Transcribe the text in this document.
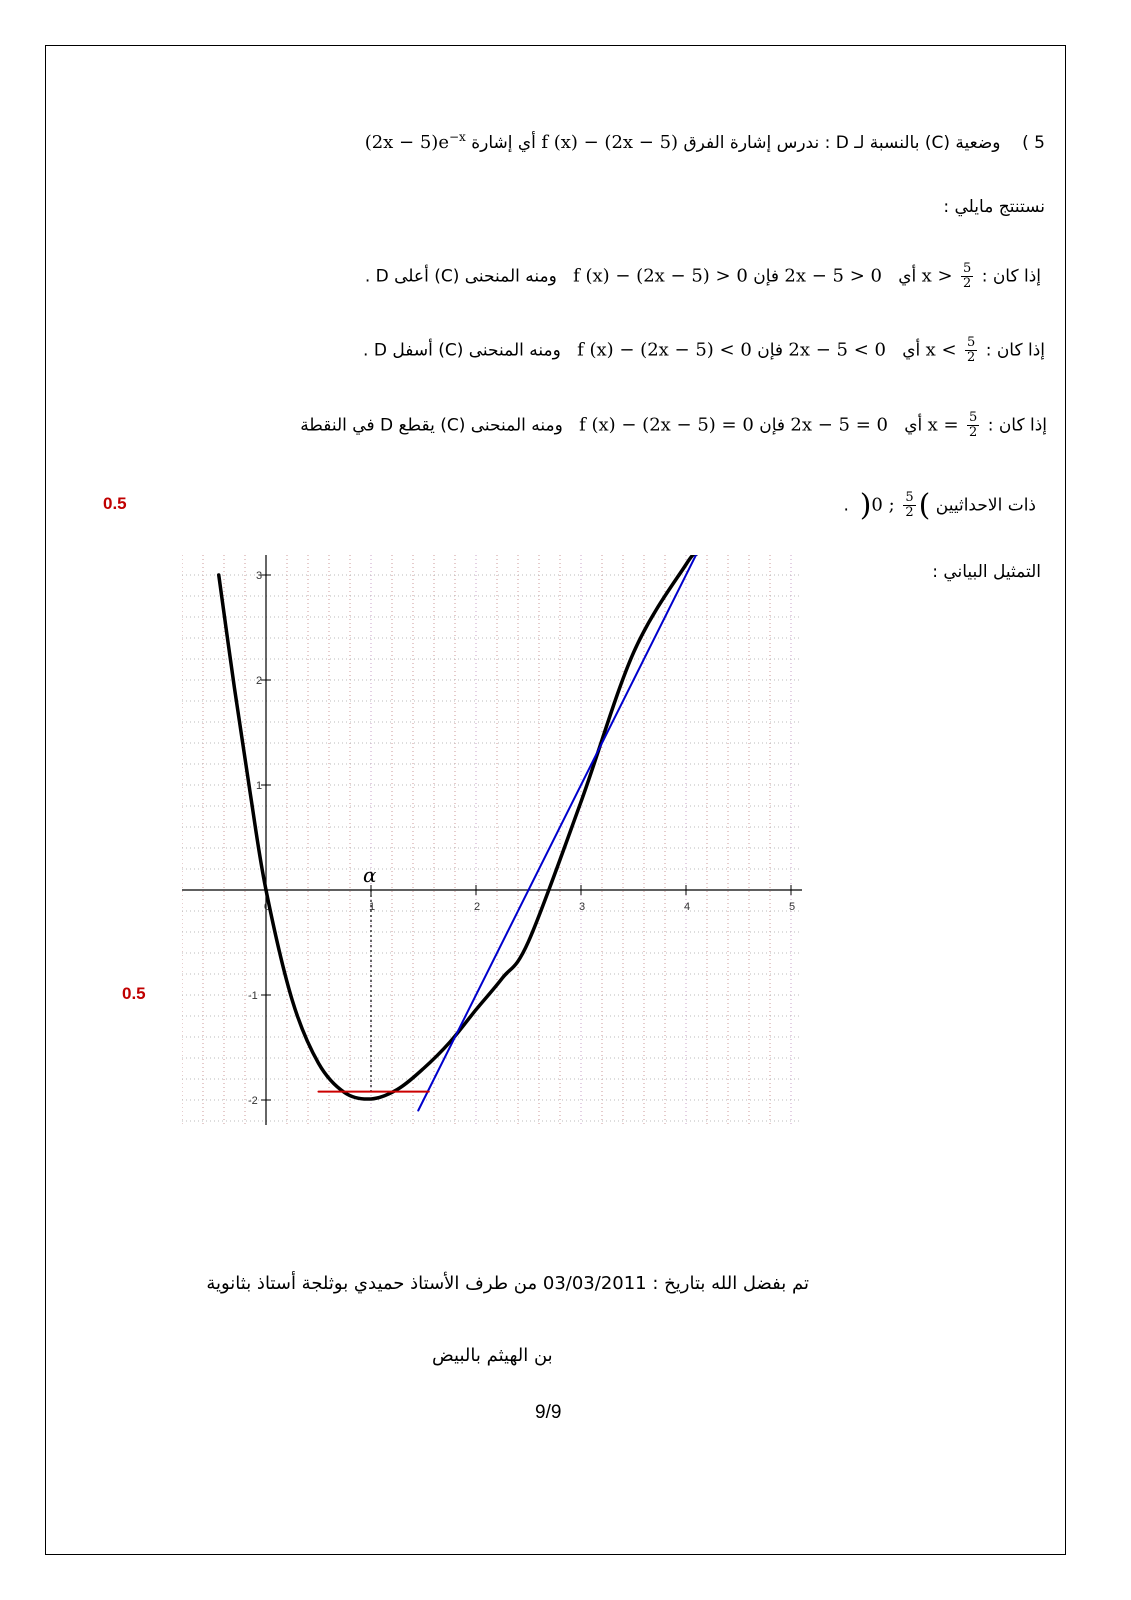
5 )    وضعية (C) بالنسبة لـ D : ندرس إشارة الفرق f (x) − (2x − 5) أي إشارة $(2x - 5)e^{-x}$
نستنتج مايلي :
إذا كان :
$\frac{5}{2}$
x > أي   2x − 5 > 0 فإن f (x) − (2x − 5) > 0   ومنه المنحنى (C) أعلى D .
إذا كان :
$\frac{5}{2}$
x < أي   2x − 5 < 0 فإن f (x) − (2x − 5) < 0   ومنه المنحنى (C) أسفل D .
إذا كان :
$\frac{5}{2}$
x = أي   2x − 5 = 0 فإن f (x) − (2x − 5) = 0   ومنه المنحنى (C) يقطع D في النقطة
ذات الاحداثيين (
$\frac{5}{2}$
; 0)  .
0.5
0.5
التمثيل البياني :
0	1	2	3	4	5
-2
-1
1
2
3
α
تم بفضل الله بتاريخ : 03/03/2011 من طرف الأستاذ حميدي بوثلجة أستاذ بثانوية
بن الهيثم بالبيض
9/9
